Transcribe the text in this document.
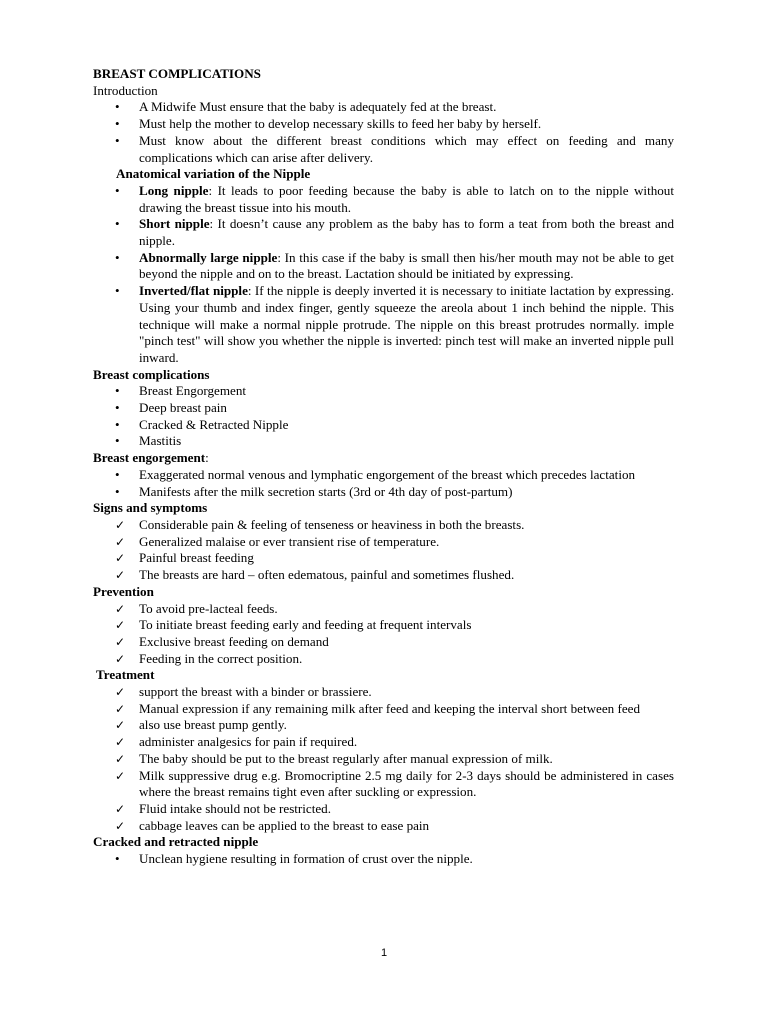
BREAST COMPLICATIONS

Introduction

•	A Midwife Must ensure that the baby is adequately fed at the breast.
•	Must help the mother to develop necessary skills to feed her baby by herself.
•	Must know about the different breast conditions which may effect on feeding and many complications which can arise after delivery.

Anatomical variation of the Nipple

•	Long nipple: It leads to poor feeding because the baby is able to latch on to the nipple without drawing the breast tissue into his mouth.
•	Short nipple: It doesn’t cause any problem as the baby has to form a teat from both the breast and nipple.
•	Abnormally large nipple: In this case if the baby is small then his/her mouth may not be able to get beyond the nipple and on to the breast. Lactation should be initiated by expressing.
•	Inverted/flat nipple: If the nipple is deeply inverted it is necessary to initiate lactation by expressing. Using your thumb and index finger, gently squeeze the areola about 1 inch behind the nipple. This technique will make a normal nipple protrude. The nipple on this breast protrudes normally. imple "pinch test" will show you whether the nipple is inverted: pinch test will make an inverted nipple pull inward.

Breast complications

•	Breast Engorgement
•	Deep breast pain
•	Cracked & Retracted Nipple
•	Mastitis

Breast engorgement:

•	Exaggerated normal venous and lymphatic engorgement of the breast which precedes lactation
•	Manifests after the milk secretion starts (3rd or 4th day of post-partum)

Signs and symptoms

✓	Considerable pain & feeling of tenseness or heaviness in both the breasts.
✓	Generalized malaise or ever transient rise of temperature.
✓	Painful breast feeding
✓	The breasts are hard – often edematous, painful and sometimes flushed.

Prevention

✓	To avoid pre-lacteal feeds.
✓	To initiate breast feeding early and feeding at frequent intervals
✓	Exclusive breast feeding on demand
✓	Feeding in the correct position.

Treatment

✓	support the breast with a binder or brassiere.
✓	Manual expression if any remaining milk after feed and keeping the interval short between feed
✓	also use breast pump gently.
✓	administer analgesics for pain if required.
✓	The baby should be put to the breast regularly after manual expression of milk.
✓	Milk suppressive drug e.g. Bromocriptine 2.5 mg daily for 2-3 days should be administered in cases where the breast remains tight even after suckling or expression.
✓	Fluid intake should not be restricted.
✓	cabbage leaves can be applied to the breast to ease pain

Cracked and retracted nipple

•	Unclean hygiene resulting in formation of crust over the nipple.
1
